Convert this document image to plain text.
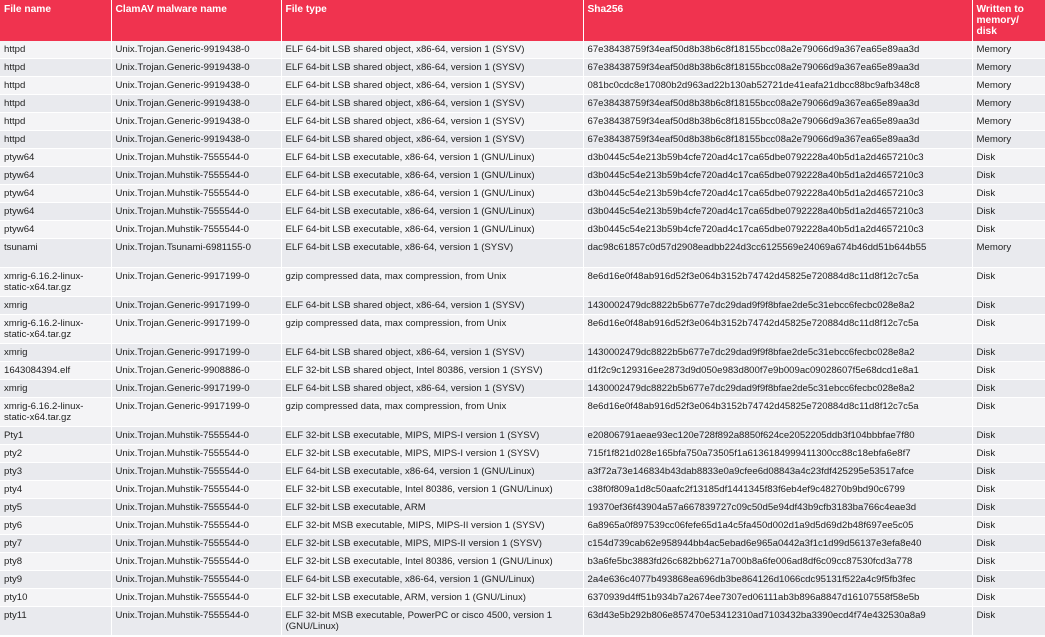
File name	ClamAV malware name	File type	Sha256	Written to memory/ disk
httpd	Unix.Trojan.Generic-9919438-0	ELF 64-bit LSB shared object, x86-64, version 1 (SYSV)	67e38438759f34eaf50d8b38b6c8f18155bcc08a2e79066d9a367ea65e89aa3d	Memory
httpd	Unix.Trojan.Generic-9919438-0	ELF 64-bit LSB shared object, x86-64, version 1 (SYSV)	67e38438759f34eaf50d8b38b6c8f18155bcc08a2e79066d9a367ea65e89aa3d	Memory
httpd	Unix.Trojan.Generic-9919438-0	ELF 64-bit LSB shared object, x86-64, version 1 (SYSV)	081bc0cdc8e17080b2d963ad22b130ab52721de41eafa21dbcc88bc9afb348c8	Memory
httpd	Unix.Trojan.Generic-9919438-0	ELF 64-bit LSB shared object, x86-64, version 1 (SYSV)	67e38438759f34eaf50d8b38b6c8f18155bcc08a2e79066d9a367ea65e89aa3d	Memory
httpd	Unix.Trojan.Generic-9919438-0	ELF 64-bit LSB shared object, x86-64, version 1 (SYSV)	67e38438759f34eaf50d8b38b6c8f18155bcc08a2e79066d9a367ea65e89aa3d	Memory
httpd	Unix.Trojan.Generic-9919438-0	ELF 64-bit LSB shared object, x86-64, version 1 (SYSV)	67e38438759f34eaf50d8b38b6c8f18155bcc08a2e79066d9a367ea65e89aa3d	Memory
ptyw64	Unix.Trojan.Muhstik-7555544-0	ELF 64-bit LSB executable, x86-64, version 1 (GNU/Linux)	d3b0445c54e213b59b4cfe720ad4c17ca65dbe0792228a40b5d1a2d4657210c3	Disk
ptyw64	Unix.Trojan.Muhstik-7555544-0	ELF 64-bit LSB executable, x86-64, version 1 (GNU/Linux)	d3b0445c54e213b59b4cfe720ad4c17ca65dbe0792228a40b5d1a2d4657210c3	Disk
ptyw64	Unix.Trojan.Muhstik-7555544-0	ELF 64-bit LSB executable, x86-64, version 1 (GNU/Linux)	d3b0445c54e213b59b4cfe720ad4c17ca65dbe0792228a40b5d1a2d4657210c3	Disk
ptyw64	Unix.Trojan.Muhstik-7555544-0	ELF 64-bit LSB executable, x86-64, version 1 (GNU/Linux)	d3b0445c54e213b59b4cfe720ad4c17ca65dbe0792228a40b5d1a2d4657210c3	Disk
ptyw64	Unix.Trojan.Muhstik-7555544-0	ELF 64-bit LSB executable, x86-64, version 1 (GNU/Linux)	d3b0445c54e213b59b4cfe720ad4c17ca65dbe0792228a40b5d1a2d4657210c3	Disk
tsunami	Unix.Trojan.Tsunami-6981155-0	ELF 64-bit LSB executable, x86-64, version 1 (SYSV)	dac98c61857c0d57d2908eadbb224d3cc6125569e24069a674b46dd51b644b55	Memory
xmrig-6.16.2-linux-static-x64.tar.gz	Unix.Trojan.Generic-9917199-0	gzip compressed data, max compression, from Unix	8e6d16e0f48ab916d52f3e064b3152b74742d45825e720884d8c11d8f12c7c5a	Disk
xmrig	Unix.Trojan.Generic-9917199-0	ELF 64-bit LSB shared object, x86-64, version 1 (SYSV)	1430002479dc8822b5b677e7dc29dad9f9f8bfae2de5c31ebcc6fecbc028e8a2	Disk
xmrig-6.16.2-linux-static-x64.tar.gz	Unix.Trojan.Generic-9917199-0	gzip compressed data, max compression, from Unix	8e6d16e0f48ab916d52f3e064b3152b74742d45825e720884d8c11d8f12c7c5a	Disk
xmrig	Unix.Trojan.Generic-9917199-0	ELF 64-bit LSB shared object, x86-64, version 1 (SYSV)	1430002479dc8822b5b677e7dc29dad9f9f8bfae2de5c31ebcc6fecbc028e8a2	Disk
1643084394.elf	Unix.Trojan.Generic-9908886-0	ELF 32-bit LSB shared object, Intel 80386, version 1 (SYSV)	d1f2c9c129316ee2873d9d050e983d800f7e9b009ac09028607f5e68dcd1e8a1	Disk
xmrig	Unix.Trojan.Generic-9917199-0	ELF 64-bit LSB shared object, x86-64, version 1 (SYSV)	1430002479dc8822b5b677e7dc29dad9f9f8bfae2de5c31ebcc6fecbc028e8a2	Disk
xmrig-6.16.2-linux-static-x64.tar.gz	Unix.Trojan.Generic-9917199-0	gzip compressed data, max compression, from Unix	8e6d16e0f48ab916d52f3e064b3152b74742d45825e720884d8c11d8f12c7c5a	Disk
Pty1	Unix.Trojan.Muhstik-7555544-0	ELF 32-bit LSB executable, MIPS, MIPS-I version 1 (SYSV)	e20806791aeae93ec120e728f892a8850f624ce2052205ddb3f104bbbfae7f80	Disk
pty2	Unix.Trojan.Muhstik-7555544-0	ELF 32-bit LSB executable, MIPS, MIPS-I version 1 (SYSV)	715f1f821d028e165bfa750a73505f1a6136184999411300cc88c18ebfa6e8f7	Disk
pty3	Unix.Trojan.Muhstik-7555544-0	ELF 64-bit LSB executable, x86-64, version 1 (GNU/Linux)	a3f72a73e146834b43dab8833e0a9cfee6d08843a4c23fdf425295e53517afce	Disk
pty4	Unix.Trojan.Muhstik-7555544-0	ELF 32-bit LSB executable, Intel 80386, version 1 (GNU/Linux)	c38f0f809a1d8c50aafc2f13185df1441345f83f6eb4ef9c48270b9bd90c6799	Disk
pty5	Unix.Trojan.Muhstik-7555544-0	ELF 32-bit LSB executable, ARM	19370ef36f43904a57a667839727c09c50d5e94df43b9cfb3183ba766c4eae3d	Disk
pty6	Unix.Trojan.Muhstik-7555544-0	ELF 32-bit MSB executable, MIPS, MIPS-II version 1 (SYSV)	6a8965a0f897539cc06fefe65d1a4c5fa450d002d1a9d5d69d2b48f697ee5c05	Disk
pty7	Unix.Trojan.Muhstik-7555544-0	ELF 32-bit LSB executable, MIPS, MIPS-II version 1 (SYSV)	c154d739cab62e958944bb4ac5ebad6e965a0442a3f1c1d99d56137e3efa8e40	Disk
pty8	Unix.Trojan.Muhstik-7555544-0	ELF 32-bit LSB executable, Intel 80386, version 1 (GNU/Linux)	b3a6fe5bc3883fd26c682bb6271a700b8a6fe006ad8df6c09cc87530fcd3a778	Disk
pty9	Unix.Trojan.Muhstik-7555544-0	ELF 64-bit LSB executable, x86-64, version 1 (GNU/Linux)	2a4e636c4077b493868ea696db3be864126d1066cdc95131f522a4c9f5fb3fec	Disk
pty10	Unix.Trojan.Muhstik-7555544-0	ELF 32-bit LSB executable, ARM, version 1 (GNU/Linux)	6370939d4ff51b934b7a2674ee7307ed06111ab3b896a8847d16107558f58e5b	Disk
pty11	Unix.Trojan.Muhstik-7555544-0	ELF 32-bit MSB executable, PowerPC or cisco 4500, version 1 (GNU/Linux)	63d43e5b292b806e857470e53412310ad7103432ba3390ecd4f74e432530a8a9	Disk
